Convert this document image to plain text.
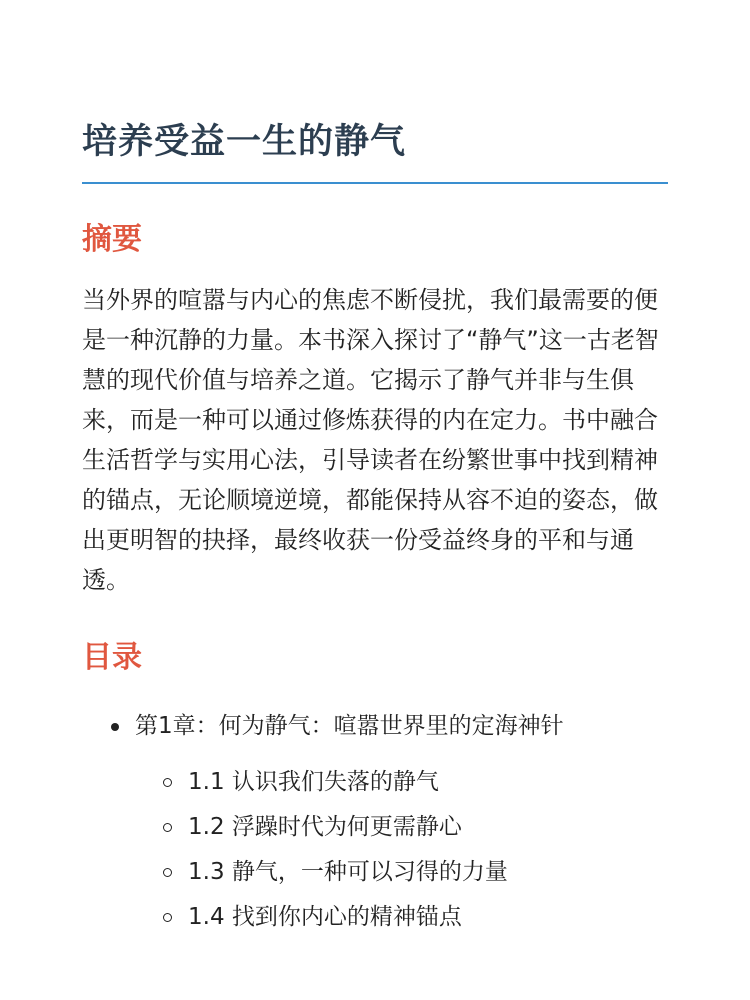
培养受益一生的静气
摘要

当外界的喧嚣与内心的焦虑不断侵扰，我们最需要的便是一种沉静的力量。本书深入探讨了“静气”这一古老智慧的现代价值与培养之道。它揭示了静气并非与生俱来，而是一种可以通过修炼获得的内在定力。书中融合生活哲学与实用心法，引导读者在纷繁世事中找到精神的锚点，无论顺境逆境，都能保持从容不迫的姿态，做出更明智的抉择，最终收获一份受益终身的平和与通透。

目录
第1章：何为静气：喧嚣世界里的定海神针
1.1 认识我们失落的静气
1.2 浮躁时代为何更需静心
1.3 静气，一种可以习得的力量
1.4 找到你内心的精神锚点
